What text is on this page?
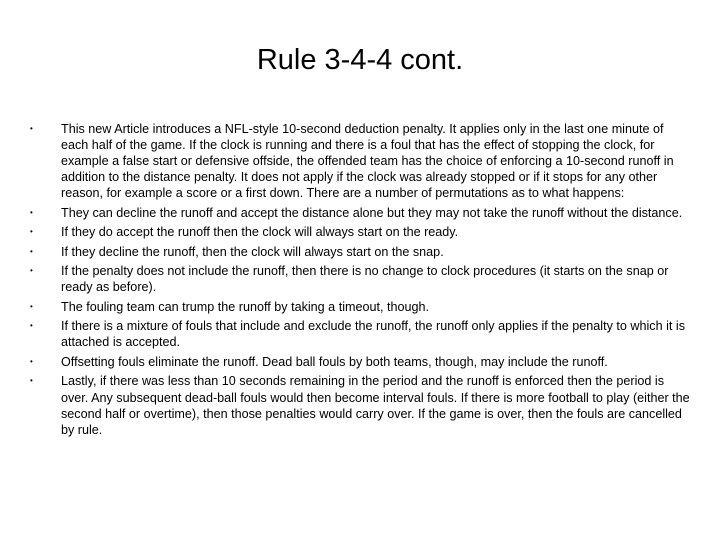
Rule 3-4-4 cont.
• This new Article introduces a NFL-style 10-second deduction penalty. It applies only in the last one minute of each half of the game. If the clock is running and there is a foul that has the effect of stopping the clock, for example a false start or defensive offside, the offended team has the choice of enforcing a 10-second runoff in addition to the distance penalty. It does not apply if the clock was already stopped or if it stops for any other reason, for example a score or a first down. There are a number of permutations as to what happens:
• They can decline the runoff and accept the distance alone but they may not take the runoff without the distance.
• If they do accept the runoff then the clock will always start on the ready.
• If they decline the runoff, then the clock will always start on the snap.
• If the penalty does not include the runoff, then there is no change to clock procedures (it starts on the snap or ready as before).
• The fouling team can trump the runoff by taking a timeout, though.
• If there is a mixture of fouls that include and exclude the runoff, the runoff only applies if the penalty to which it is attached is accepted.
• Offsetting fouls eliminate the runoff. Dead ball fouls by both teams, though, may include the runoff.
• Lastly, if there was less than 10 seconds remaining in the period and the runoff is enforced then the period is over. Any subsequent dead-ball fouls would then become interval fouls. If there is more football to play (either the second half or overtime), then those penalties would carry over. If the game is over, then the fouls are cancelled by rule.
